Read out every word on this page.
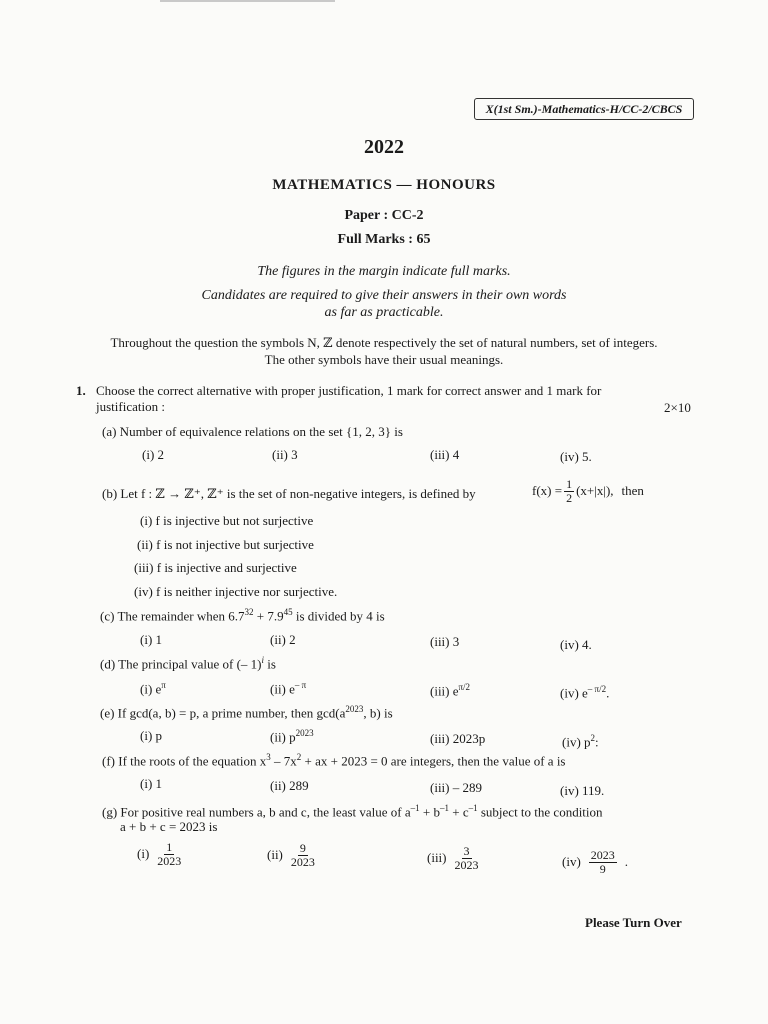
X(1st Sm.)-Mathematics-H/CC-2/CBCS
2022
MATHEMATICS — HONOURS
Paper : CC-2
Full Marks : 65
The figures in the margin indicate full marks.
Candidates are required to give their answers in their own words
as far as practicable.
Throughout the question the symbols N, ℤ denote respectively the set of natural numbers, set of integers.
The other symbols have their usual meanings.
1. Choose the correct alternative with proper justification, 1 mark for correct answer and 1 mark for
justification :	2×10
(a) Number of equivalence relations on the set {1, 2, 3} is
(i) 2	(ii) 3	(iii) 4	(iv) 5.
(b) Let f : ℤ → ℤ⁺, ℤ⁺ is the set of non-negative integers, is defined by	$f(x) = \frac{1}{2} (x+|x|)$, then
(i) f is injective but not surjective
(ii) f is not injective but surjective
(iii) f is injective and surjective
(iv) f is neither injective nor surjective.
(c) The remainder when $6.7^{32} + 7.9^{45}$ is divided by 4 is
(i) 1	(ii) 2	(iii) 3	(iv) 4.
(d) The principal value of (– 1)$^i$ is
(i) $e^\pi$	(ii) $e^{- \pi}$	(iii) $e^{\pi/2}$	(iv) $e^{- \pi/2}$.
(e) If gcd(a, b) = p, a prime number, then $\gcd(a^{2023}$, b) is
(i) p	(ii) $p^{2023}$	(iii) 2023p	(iv) $p^2$:
(f) If the roots of the equation $x^3 - 7x^2$ + ax + 2023 = 0 are integers, then the value of a is
(i) 1	(ii) 289	(iii) – 289	(iv) 119.
(g) For positive real numbers a, b and c, the least value of $a^{-1} + b^{-1} + c^{-1}$ subject to the condition
a + b + c = 2023 is
$(i) \frac{1}{2023}$	$(ii) \frac{9}{2023}$	$(iii) \frac{3}{2023}$	$(iv) \frac{2023}{9}$ .
Please Turn Over
